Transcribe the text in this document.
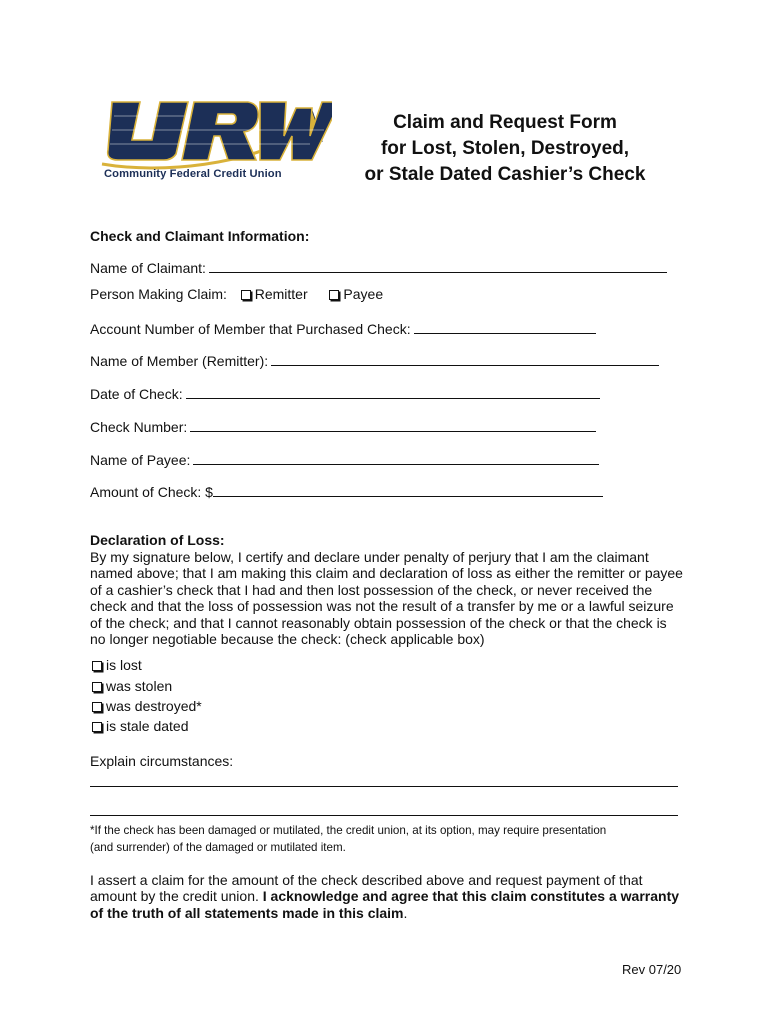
Community Federal Credit Union
Claim and Request Form
for Lost, Stolen, Destroyed,
or Stale Dated Cashier’s Check
Check and Claimant Information:
Name of Claimant:
Person Making Claim: Remitter	Payee
Account Number of Member that Purchased Check:
Name of Member (Remitter):
Date of Check:
Check Number:
Name of Payee:
Amount of Check: $
Declaration of Loss:
By my signature below, I certify and declare under penalty of perjury that I am the claimant
named above; that I am making this claim and declaration of loss as either the remitter or payee
of a cashier’s check that I had and then lost possession of the check, or never received the
check and that the loss of possession was not the result of a transfer by me or a lawful seizure
of the check; and that I cannot reasonably obtain possession of the check or that the check is
no longer negotiable because the check: (check applicable box)
is lost
was stolen
was destroyed*
is stale dated
Explain circumstances:
*If the check has been damaged or mutilated, the credit union, at its option, may require presentation
(and surrender) of the damaged or mutilated item.
I assert a claim for the amount of the check described above and request payment of that
amount by the credit union. I acknowledge and agree that this claim constitutes a warranty
of the truth of all statements made in this claim.
Rev 07/20
